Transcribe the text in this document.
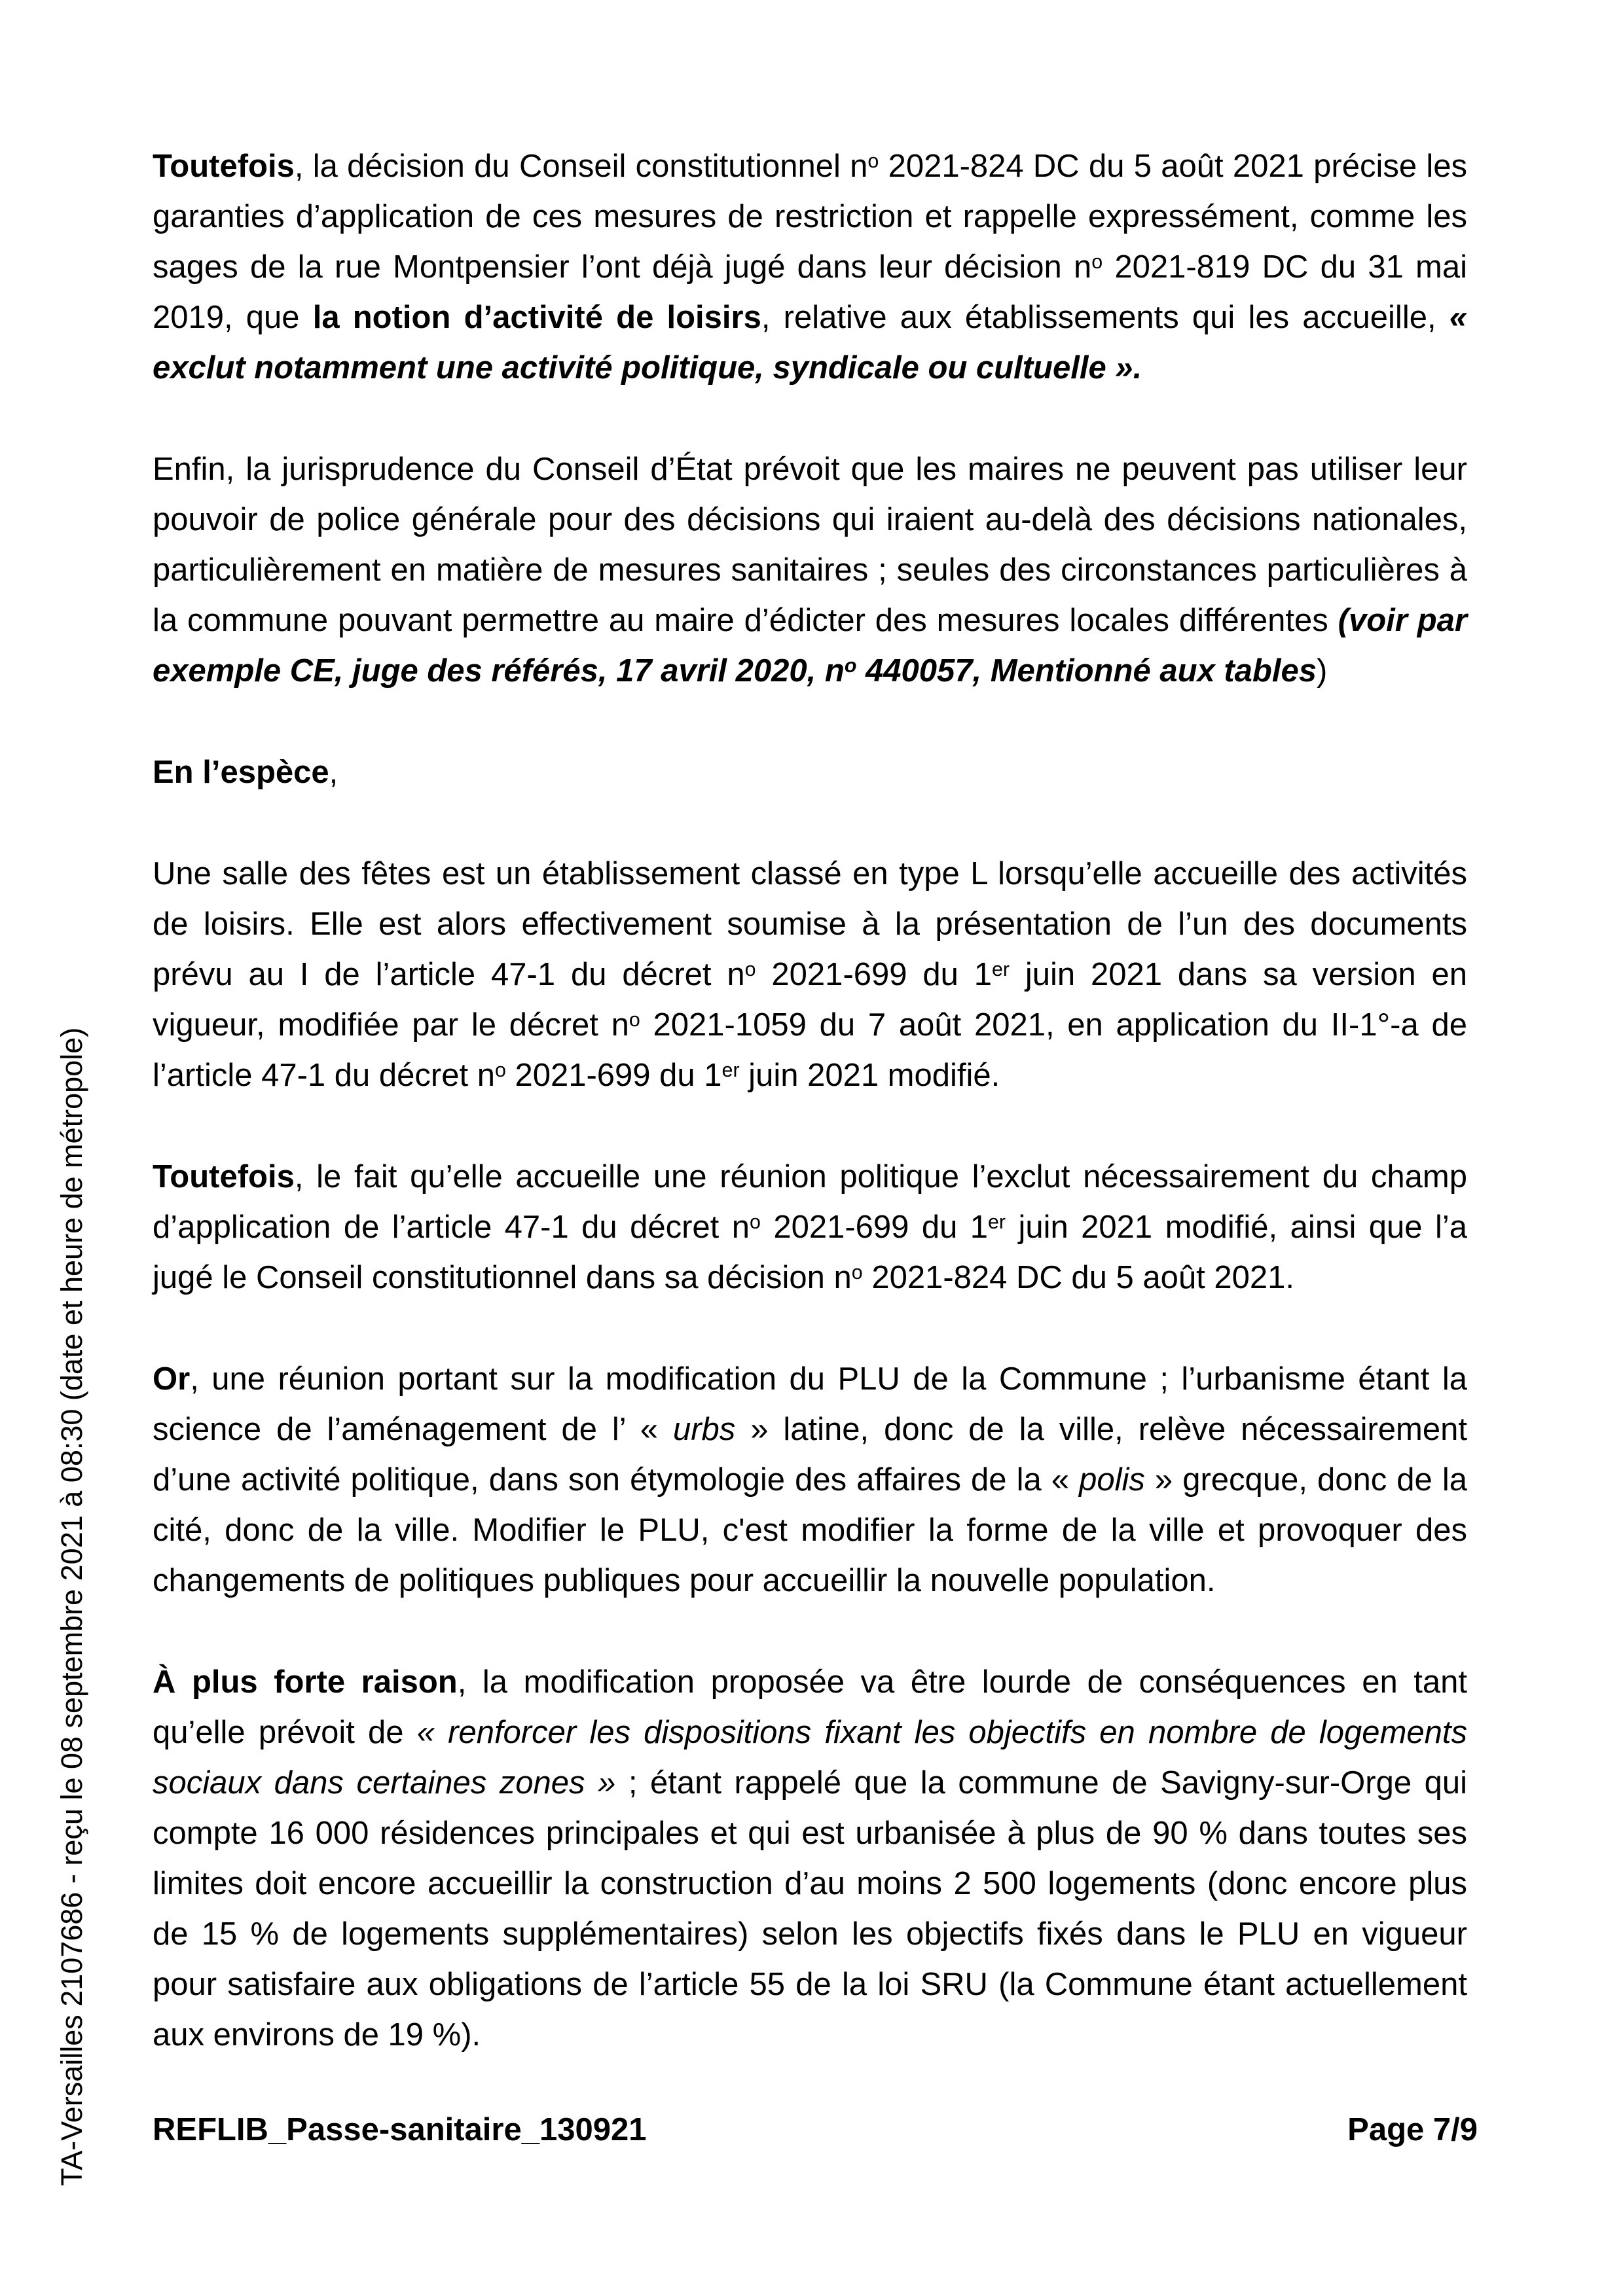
TA-Versailles 2107686 - reçu le 08 septembre 2021 à 08:30 (date et heure de métropole)

Toutefois, la décision du Conseil constitutionnel $n^o$ 2021-824 DC du 5 août 2021 précise les garanties d’application de ces mesures de restriction et rappelle expressément, comme les sages de la rue Montpensier l’ont déjà jugé dans leur décision $n^o$ 2021-819 DC du 31 mai 2019, que la notion d’activité de loisirs, relative aux établissements qui les accueille, « exclut notamment une activité politique, syndicale ou cultuelle ».

Enfin, la jurisprudence du Conseil d’État prévoit que les maires ne peuvent pas utiliser leur pouvoir de police générale pour des décisions qui iraient au-delà des décisions nationales, particulièrement en matière de mesures sanitaires ; seules des circonstances particulières à la commune pouvant permettre au maire d’édicter des mesures locales différentes (voir par exemple CE, juge des référés, 17 avril 2020, $n^o$ 440057, Mentionné aux tables)

En l’espèce,

Une salle des fêtes est un établissement classé en type L lorsqu’elle accueille des activités de loisirs. Elle est alors effectivement soumise à la présentation de l’un des documents prévu au I de l’article 47-1 du décret $n^o$ 2021-699 du 1er juin 2021 dans sa version en vigueur, modifiée par le décret $n^o$ 2021-1059 du 7 août 2021, en application du II-1°-a de l’article 47-1 du décret $n^o$ 2021-699 du 1er juin 2021 modifié.

Toutefois, le fait qu’elle accueille une réunion politique l’exclut nécessairement du champ d’application de l’article 47-1 du décret $n^o$ 2021-699 du 1er juin 2021 modifié, ainsi que l’a jugé le Conseil constitutionnel dans sa décision $n^o$ 2021-824 DC du 5 août 2021.

Or, une réunion portant sur la modification du PLU de la Commune ; l’urbanisme étant la science de l’aménagement de l’ « urbs » latine, donc de la ville, relève nécessairement d’une activité politique, dans son étymologie des affaires de la « polis » grecque, donc de la cité, donc de la ville. Modifier le PLU, c'est modifier la forme de la ville et provoquer des changements de politiques publiques pour accueillir la nouvelle population.

À plus forte raison, la modification proposée va être lourde de conséquences en tant qu’elle prévoit de « renforcer les dispositions fixant les objectifs en nombre de logements sociaux dans certaines zones » ; étant rappelé que la commune de Savigny-sur-Orge qui compte 16 000 résidences principales et qui est urbanisée à plus de 90 % dans toutes ses limites doit encore accueillir la construction d’au moins 2 500 logements (donc encore plus de 15 % de logements supplémentaires) selon les objectifs fixés dans le PLU en vigueur pour satisfaire aux obligations de l’article 55 de la loi SRU (la Commune étant actuellement aux environs de 19 %).

REFLIB_Passe-sanitaire_130921	Page 7/9
